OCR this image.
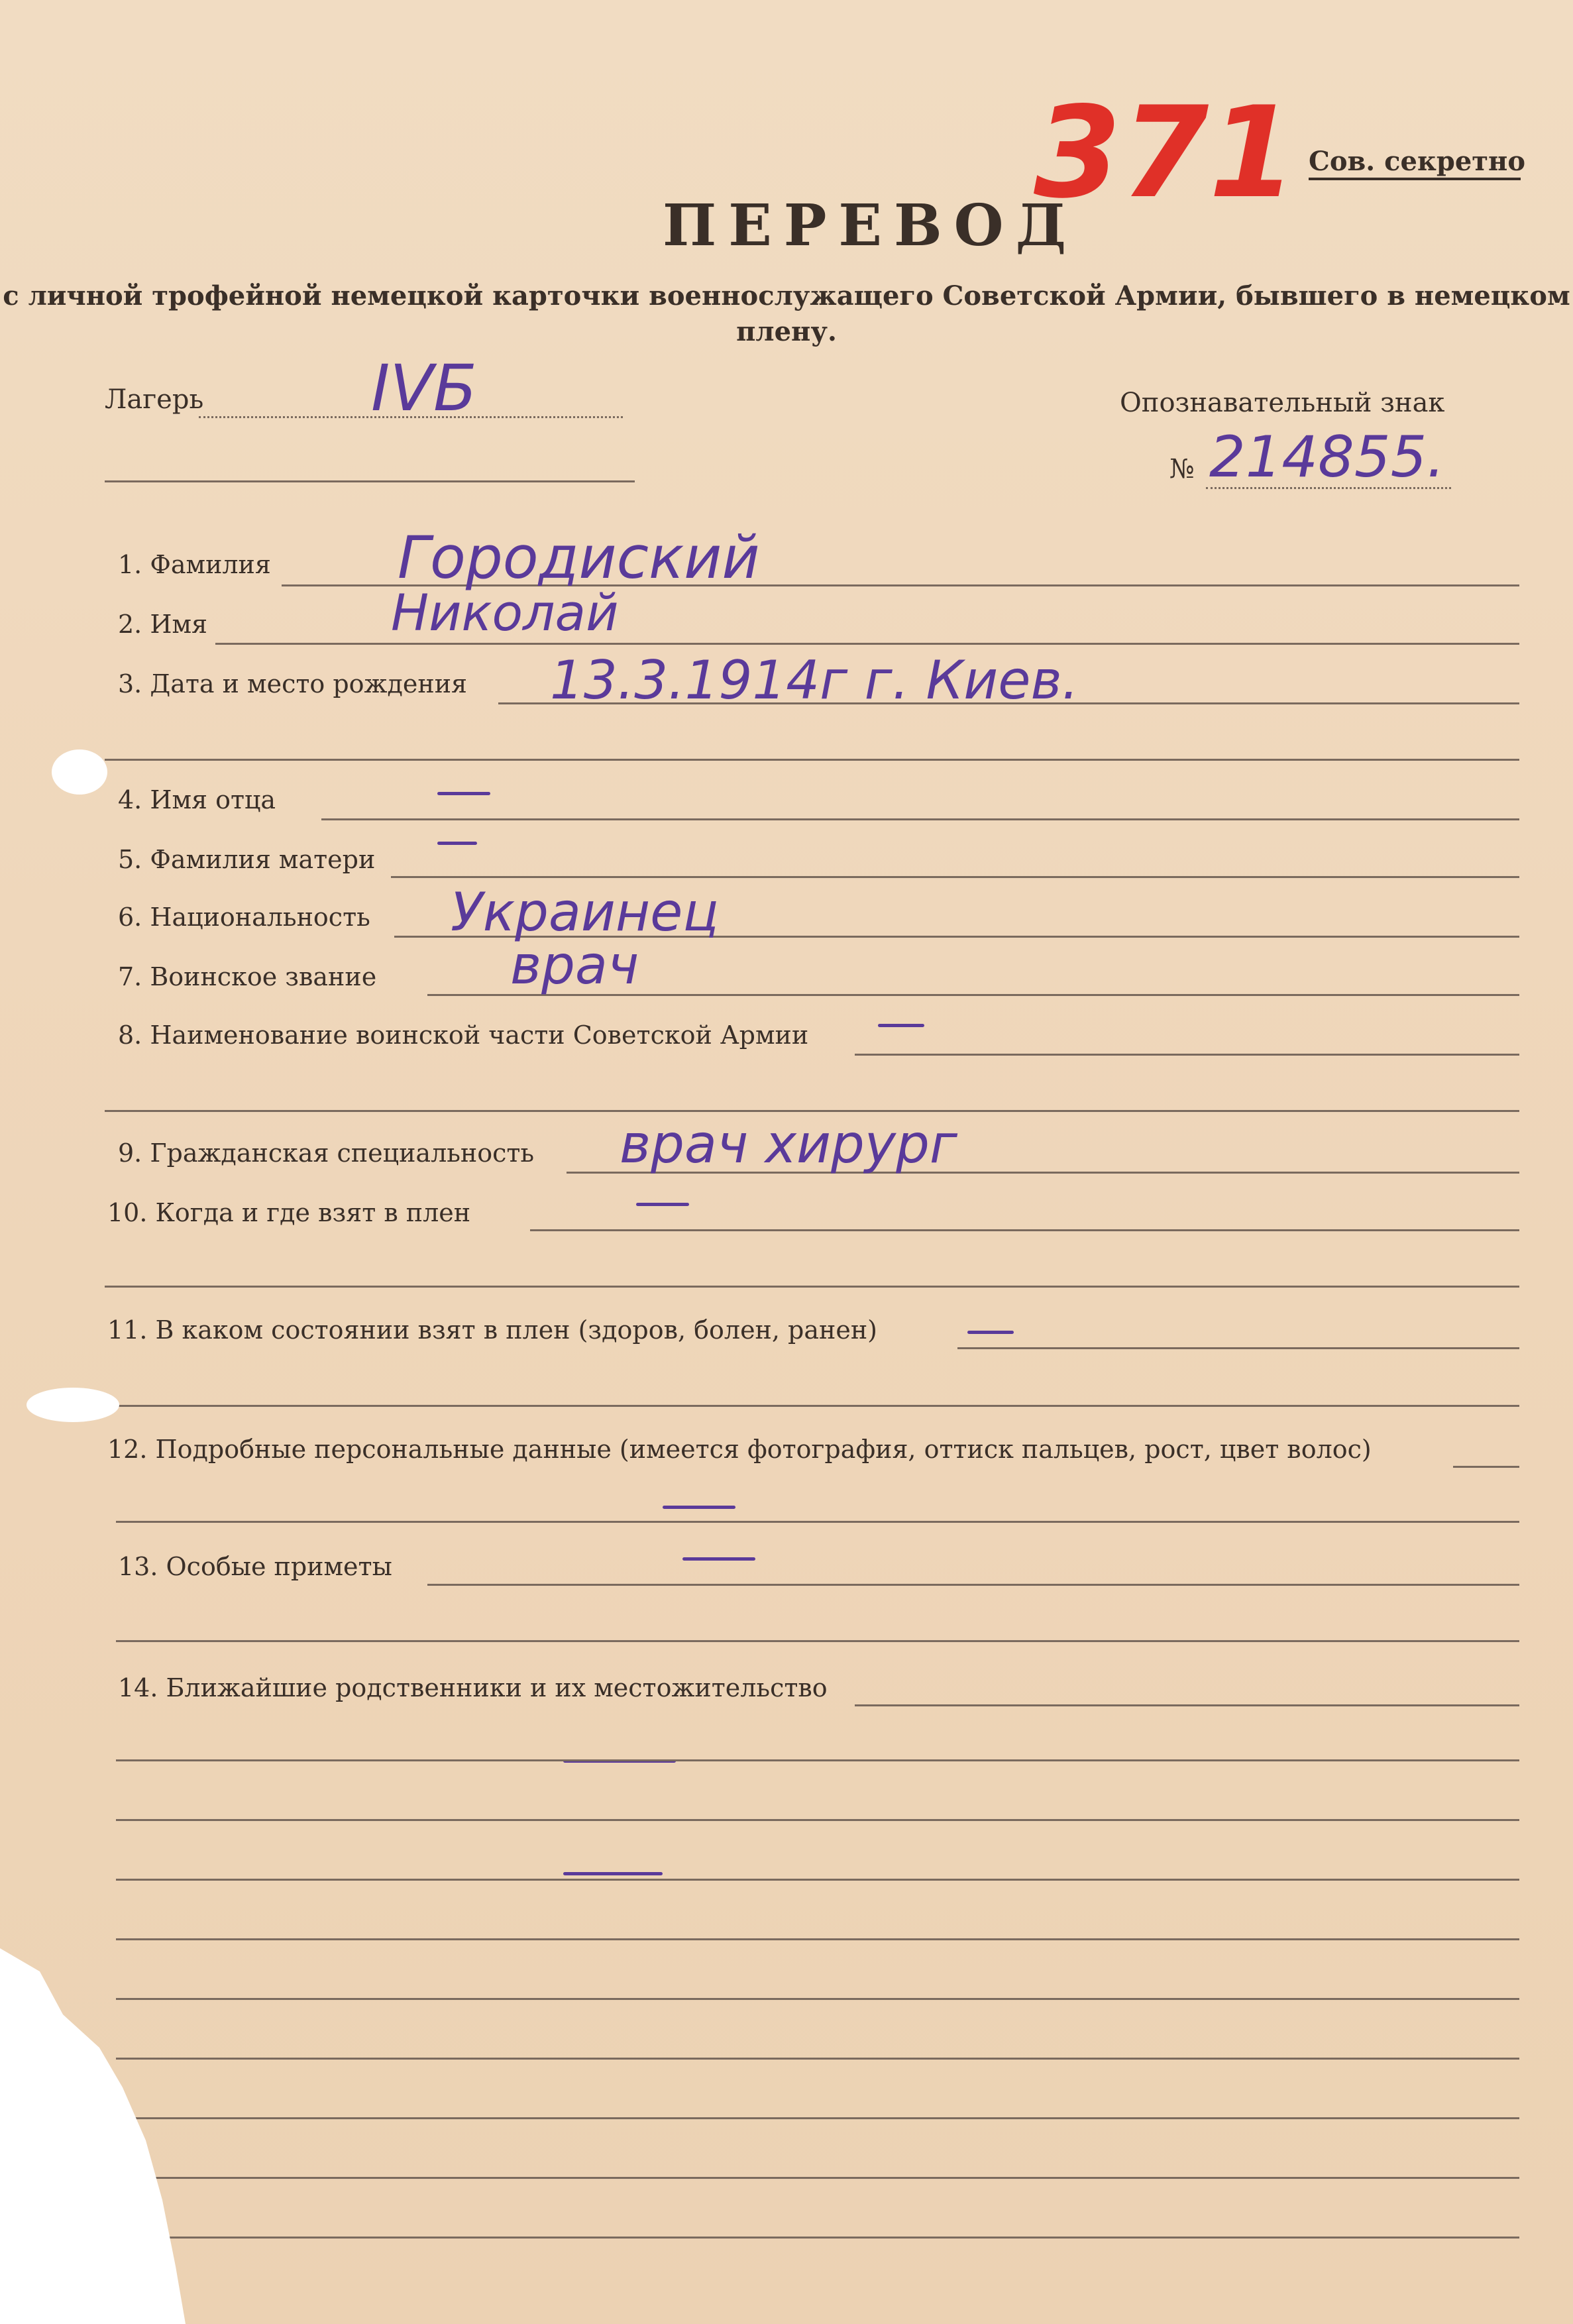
371 Сов. секретно
ПЕРЕВОД
с личной трофейной немецкой карточки военнослужащего Советской Армии, бывшего в немецком плену.
Лагерь	IVБ	Опознавательный знак
№ 214855.
1. Фамилия Городиский
2. Имя	Николай
3. Дата и место рождения 13.3.1914г г. Киев.
4. Имя отца
5. Фамилия матери
6. Национальность Украинец
7. Воинское звание	врач
8. Наименование воинской части Советской Армии
9. Гражданская специальность врач хирург
10. Когда и где взят в плен
11. В каком состоянии взят в плен (здоров, болен, ранен)
12. Подробные персональные данные (имеется фотография, оттиск пальцев, рост, цвет волос)
13. Особые приметы
14. Ближайшие родственники и их местожительство
